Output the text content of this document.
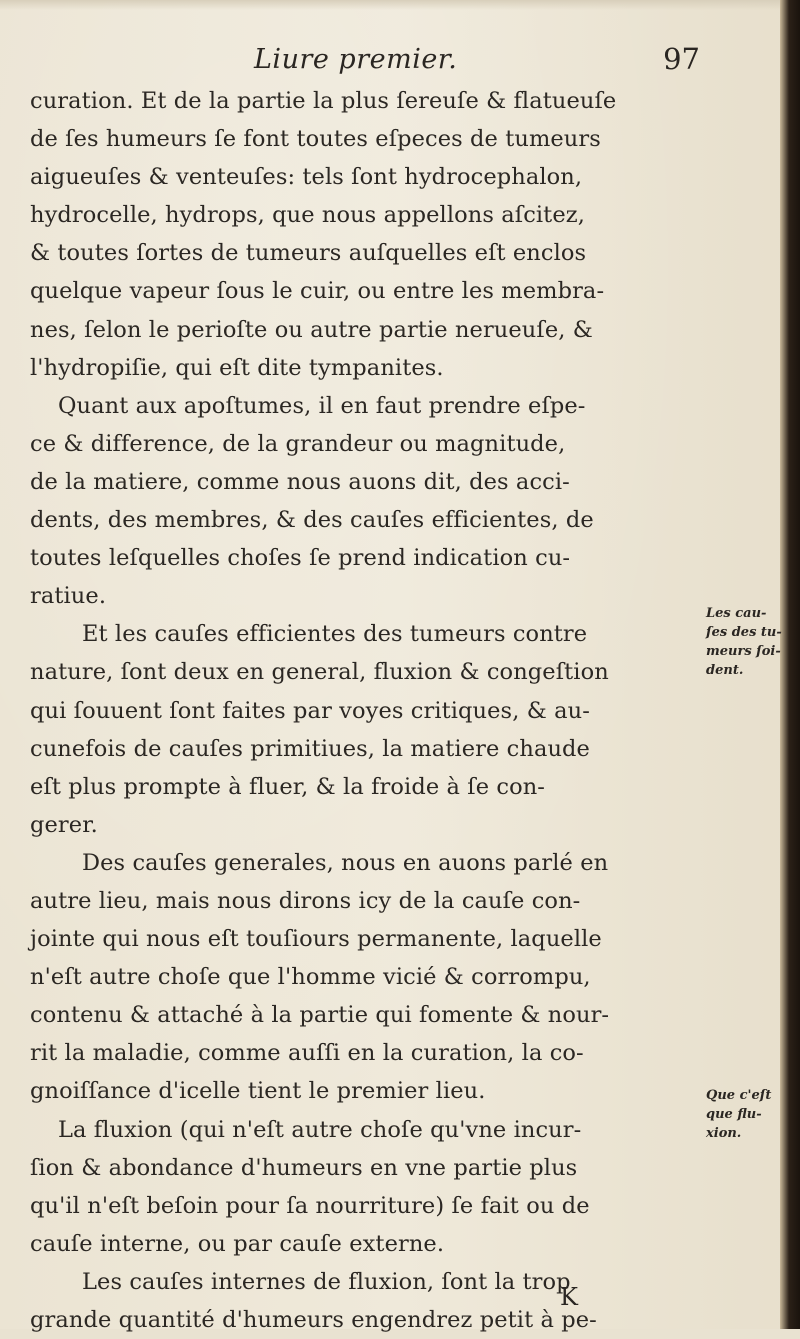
Liure premier.	97
curation. Et de la partie la plus ſereuſe & flatueuſe
de ſes humeurs ſe font toutes eſpeces de tumeurs
aigueuſes & venteuſes: tels ſont hydrocephalon,
hydrocelle, hydrops, que nous appellons aſcitez,
& toutes ſortes de tumeurs auſquelles eſt enclos
quelque vapeur ſous le cuir, ou entre les membra-
nes, ſelon le perioſte ou autre partie nerueuſe, &
l'hydropiſie, qui eſt dite tympanites.
Quant aux apoſtumes, il en faut prendre eſpe-
ce & difference, de la grandeur ou magnitude,
de la matiere, comme nous auons dit, des acci-
dents, des membres, & des cauſes efficientes, de
toutes leſquelles choſes ſe prend indication cu-
ratiue.
Et les cauſes efficientes des tumeurs contre
nature, ſont deux en general, fluxion & congeſtion
qui ſouuent ſont faites par voyes critiques, & au-
cunefois de cauſes primitiues, la matiere chaude
eſt plus prompte à fluer, & la froide à ſe con-
gerer.
Des cauſes generales, nous en auons parlé en
autre lieu, mais nous dirons icy de la cauſe con-
jointe qui nous eſt touſiours permanente, laquelle
n'eſt autre choſe que l'homme vicié & corrompu,
contenu & attaché à la partie qui fomente & nour-
rit la maladie, comme auſſi en la curation, la co-
gnoiſſance d'icelle tient le premier lieu.
La fluxion (qui n'eſt autre choſe qu'vne incur-
ſion & abondance d'humeurs en vne partie plus
qu'il n'eſt beſoin pour ſa nourriture) ſe fait ou de
cauſe interne, ou par cauſe externe.
Les cauſes internes de fluxion, ſont la trop
grande quantité d'humeurs engendrez petit à pe-
Les cau-
ſes des tu-
meurs ſoi-
dent.
Que c'eſt
que flu-
xion.
K
